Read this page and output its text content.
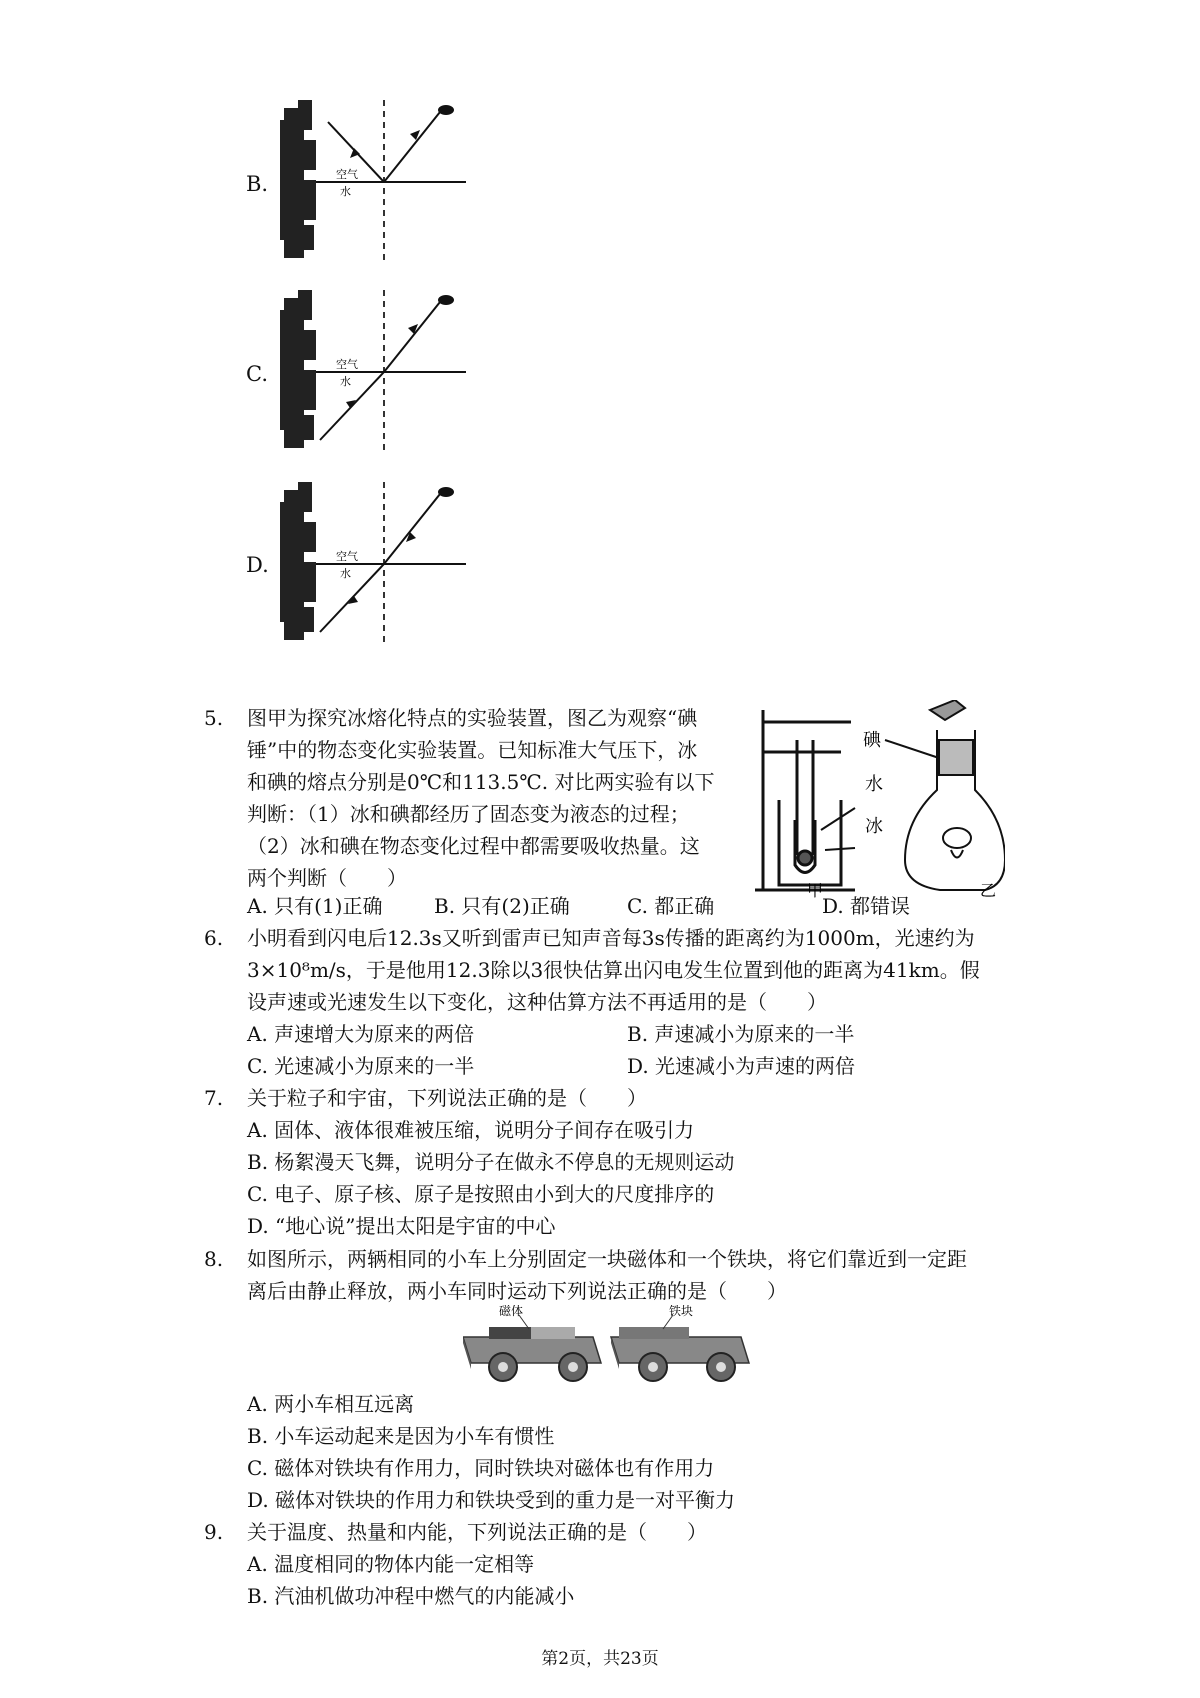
B.	空气
水
C.	空气
水
D.	空气
水
5. 图甲为探究冰熔化特点的实验装置，图乙为观察“碘
锤”中的物态变化实验装置。已知标准大气压下，冰
和碘的熔点分别是0℃和113.5℃. 对比两实验有以下
判断：（1）冰和碘都经历了固态变为液态的过程；
（2）冰和碘在物态变化过程中都需要吸收热量。这
两个判断（　　）
甲
碘
水
冰
乙
A. 只有(1)正确	B. 只有(2)正确	C. 都正确	D. 都错误
6. 小明看到闪电后12.3s又听到雷声已知声音每3s传播的距离约为1000m，光速约为
3×10⁸m/s，于是他用12.3除以3很快估算出闪电发生位置到他的距离为41km。假
设声速或光速发生以下变化，这种估算方法不再适用的是（　　）
A. 声速增大为原来的两倍	B. 声速减小为原来的一半
C. 光速减小为原来的一半	D. 光速减小为声速的两倍
7. 关于粒子和宇宙，下列说法正确的是（　　）
A. 固体、液体很难被压缩，说明分子间存在吸引力
B. 杨絮漫天飞舞，说明分子在做永不停息的无规则运动
C. 电子、原子核、原子是按照由小到大的尺度排序的
D. “地心说”提出太阳是宇宙的中心
8. 如图所示，两辆相同的小车上分别固定一块磁体和一个铁块，将它们靠近到一定距
离后由静止释放，两小车同时运动下列说法正确的是（　　）
磁体	铁块
A. 两小车相互远离
B. 小车运动起来是因为小车有惯性
C. 磁体对铁块有作用力，同时铁块对磁体也有作用力
D. 磁体对铁块的作用力和铁块受到的重力是一对平衡力
9. 关于温度、热量和内能，下列说法正确的是（　　）
A. 温度相同的物体内能一定相等
B. 汽油机做功冲程中燃气的内能减小
第2页，共23页
